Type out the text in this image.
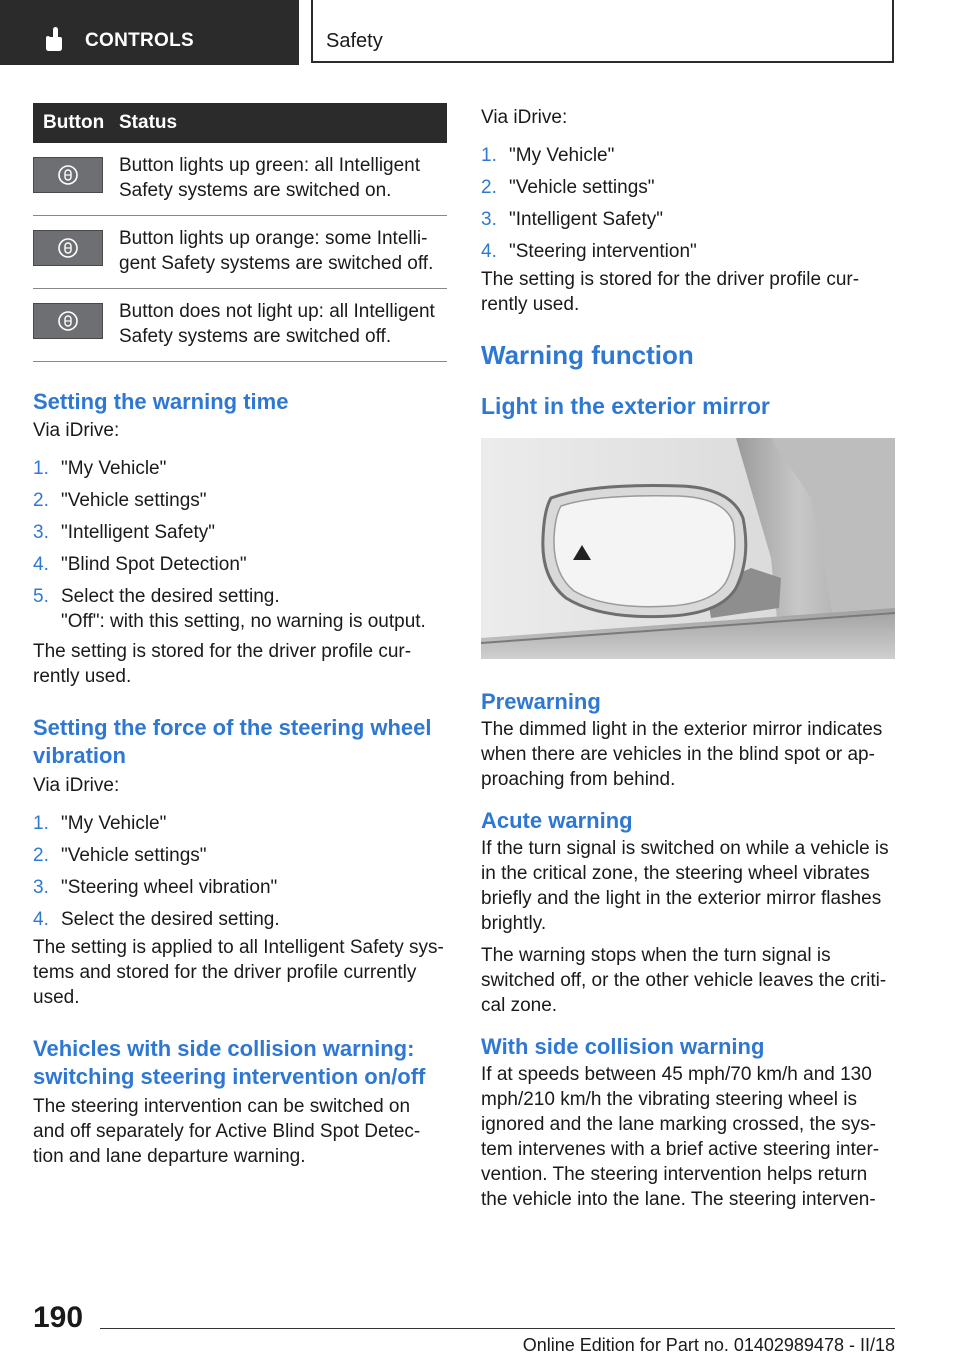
CONTROLS	Safety
Button	Status

	Button lights up green: all Intelligent Safety systems are switched on.

	Button lights up orange: some Intelli-gent Safety systems are switched off.

	Button does not light up: all Intelligent Safety systems are switched off.
Setting the warning time

Via iDrive:

1. "My Vehicle"
2. "Vehicle settings"
3. "Intelligent Safety"
4. "Blind Spot Detection"
5. Select the desired setting.
"Off": with this setting, no warning is output.

The setting is stored for the driver profile cur-rently used.

Setting the force of the steering wheel vibration

Via iDrive:

1. "My Vehicle"
2. "Vehicle settings"
3. "Steering wheel vibration"
4. Select the desired setting.

The setting is applied to all Intelligent Safety sys-tems and stored for the driver profile currently used.

Vehicles with side collision warning: switching steering intervention on/off

The steering intervention can be switched on and off separately for Active Blind Spot Detec-tion and lane departure warning.

Via iDrive:

1. "My Vehicle"
2. "Vehicle settings"
3. "Intelligent Safety"
4. "Steering intervention"

The setting is stored for the driver profile cur-rently used.

Warning function
Light in the exterior mirror
Prewarning

The dimmed light in the exterior mirror indicates when there are vehicles in the blind spot or ap-proaching from behind.

Acute warning

If the turn signal is switched on while a vehicle is in the critical zone, the steering wheel vibrates briefly and the light in the exterior mirror flashes brightly.

The warning stops when the turn signal is switched off, or the other vehicle leaves the criti-cal zone.

With side collision warning

If at speeds between 45 mph/70 km/h and 130 mph/210 km/h the vibrating steering wheel is ignored and the lane marking crossed, the sys-tem intervenes with a brief active steering inter-vention. The steering intervention helps return the vehicle into the lane. The steering interven-

190
Online Edition for Part no. 01402989478 - II/18
